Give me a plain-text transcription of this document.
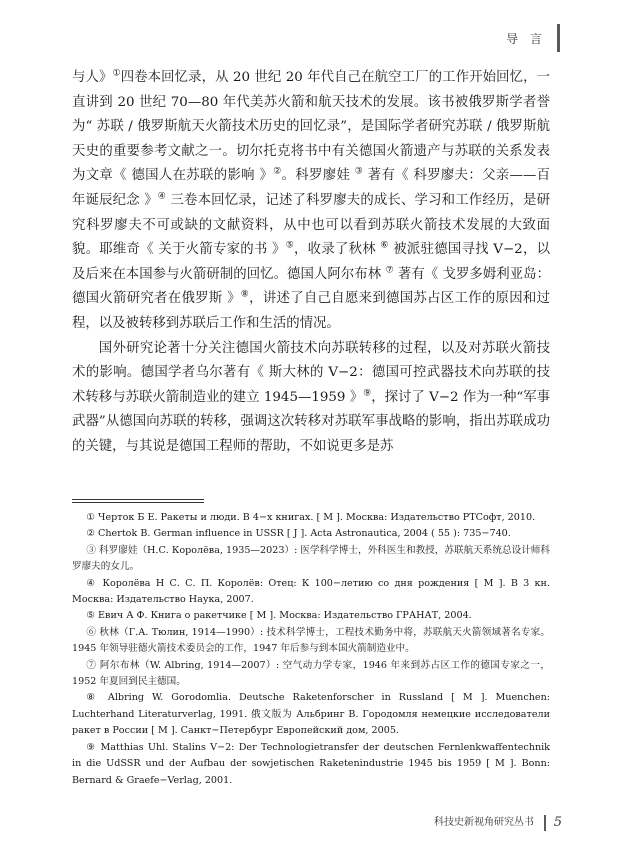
导 言

与人》①四卷本回忆录，从 20 世纪 20 年代自己在航空工厂的工作开始回忆，一直讲到 20 世纪 70—80 年代美苏火箭和航天技术的发展。该书被俄罗斯学者誉为“ 苏联 / 俄罗斯航天火箭技术历史的回忆录”，是国际学者研究苏联 / 俄罗斯航天史的重要参考文献之一。切尔托克将书中有关德国火箭遗产与苏联的关系发表为文章《 德国人在苏联的影响 》②。科罗廖娃 ③ 著有《 科罗廖夫：父亲——百年诞辰纪念 》④ 三卷本回忆录，记述了科罗廖夫的成长、学习和工作经历，是研究科罗廖夫不可或缺的文献资料，从中也可以看到苏联火箭技术发展的大致面貌。耶维奇《 关于火箭专家的书 》⑤，收录了秋林 ⑥ 被派驻德国寻找 V−2，以及后来在本国参与火箭研制的回忆。德国人阿尔布林 ⑦ 著有《 戈罗多姆利亚岛：德国火箭研究者在俄罗斯 》⑧，讲述了自己自愿来到德国苏占区工作的原因和过程，以及被转移到苏联后工作和生活的情况。

国外研究论著十分关注德国火箭技术向苏联转移的过程，以及对苏联火箭技术的影响。德国学者乌尔著有《 斯大林的 V−2：德国可控武器技术向苏联的技术转移与苏联火箭制造业的建立 1945—1959 》⑨，探讨了 V−2 作为一种“军事武器”从德国向苏联的转移，强调这次转移对苏联军事战略的影响，指出苏联成功的关键，与其说是德国工程师的帮助，不如说更多是苏

① Черток Б Е. Ракеты и люди. В 4−х книгах. [ М ]. Москва: Издательство РТСофт, 2010.

② Chertok B. German influence in USSR [ J ]. Acta Astronautica, 2004 ( 55 ): 735−740.

③ 科罗廖娃（Н.С. Королёва, 1935—2023）: 医学科学博士，外科医生和教授，苏联航天系统总设计师科罗廖夫的女儿。

④ Королёва Н С. С. П. Королёв: Отец: К 100−летию со дня рождения [ М ]. В 3 кн. Москва: Издательство Наука, 2007.

⑤ Евич А Ф. Книга о ракетчике [ М ]. Москва: Издательство ГРАНАТ, 2004.

⑥ 秋林（Г.А. Тюлин, 1914—1990）: 技术科学博士，工程技术勤务中将，苏联航天火箭领域著名专家。1945 年领导驻德火箭技术委员会的工作，1947 年后参与到本国火箭制造业中。

⑦ 阿尔布林（W. Albring, 1914—2007）: 空气动力学专家，1946 年来到苏占区工作的德国专家之一，1952 年夏回到民主德国。

⑧ Albring W. Gorodomlia. Deutsche Raketenforscher in Russland [ M ]. Muenchen: Luchterhand Literaturverlag, 1991. 俄文版为 Альбринг В. Городомля немецкие исследователи ракет в России [ М ]. Санкт−Петербург Европейский дом, 2005.

⑨ Matthias Uhl. Stalins V−2: Der Technologietransfer der deutschen Fernlenkwaffentechnik in die UdSSR und der Aufbau der sowjetischen Raketenindustrie 1945 bis 1959 [ M ]. Bonn: Bernard & Graefe−Verlag, 2001.

科技史新视角研究丛书 5
